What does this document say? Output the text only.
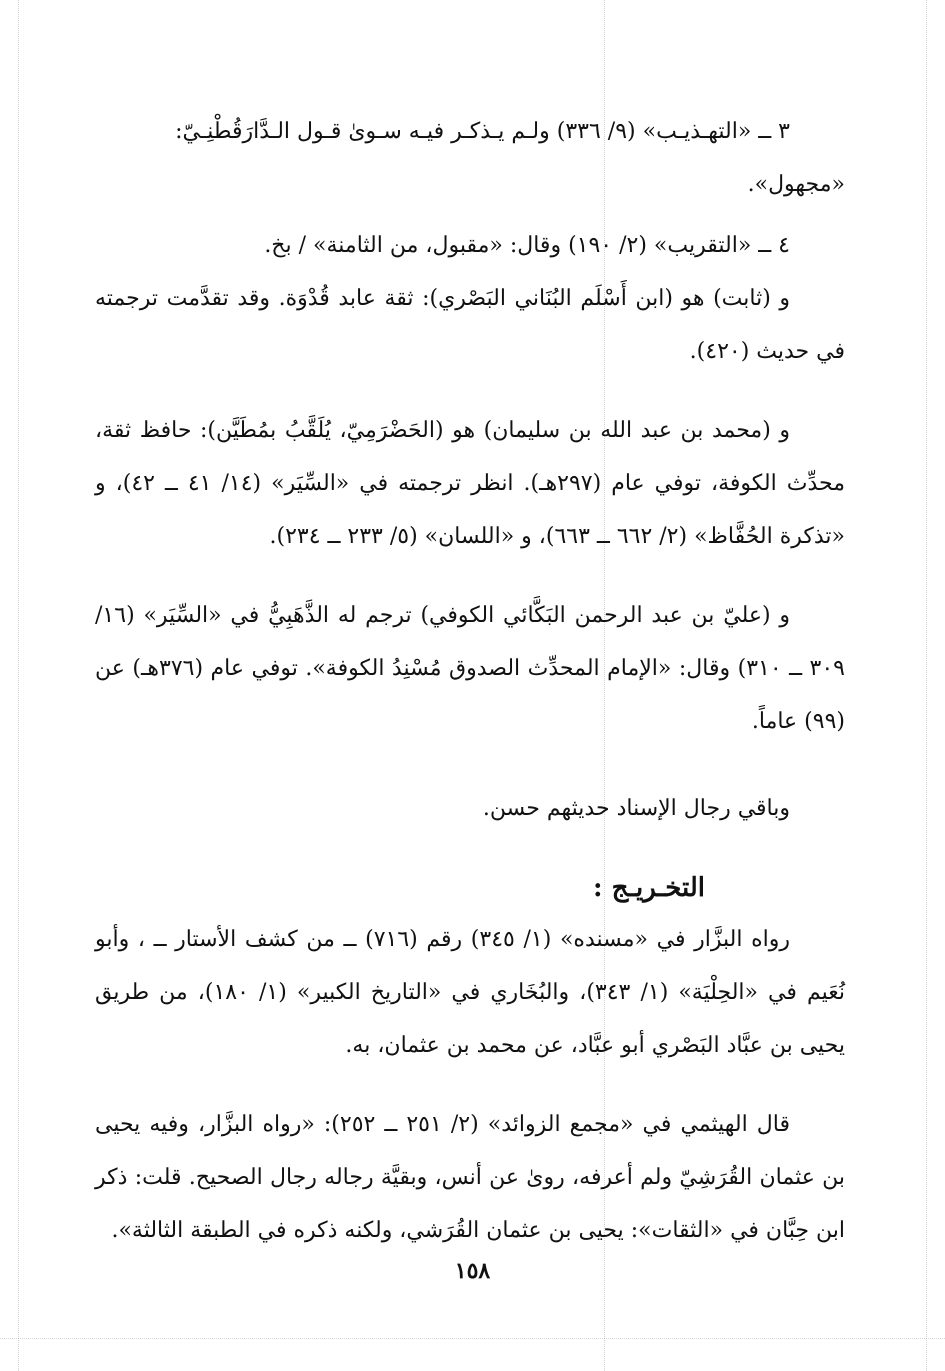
٣ ــ «التهـذيـب» (٩/ ٣٣٦) ولـم يـذكـر فيـه سـوىٰ قـول الـدَّارَقُطْنِـيّ:
«مجهول».

٤ ــ «التقريب» (٢/ ١٩٠) وقال: «مقبول، من الثامنة» / بخ.

و (ثابت) هو (ابن أَسْلَم البُنَاني البَصْري): ثقة عابد قُدْوَة. وقد تقدَّمت ترجمته في حديث (٤٢٠).

و (محمد بن عبد الله بن سليمان) هو (الحَضْرَمِيّ، يُلَقَّبُ بمُطَيَّن): حافظ ثقة، محدِّث الكوفة، توفي عام (٢٩٧هـ). انظر ترجمته في «السِّيَر» (١٤/ ٤١ ــ ٤٢)، و «تذكرة الحُفَّاظ» (٢/ ٦٦٢ ــ ٦٦٣)، و «اللسان» (٥/ ٢٣٣ ــ ٢٣٤).

و (عليّ بن عبد الرحمن البَكَّائي الكوفي) ترجم له الذَّهَبِيُّ في «السِّيَر» (١٦/ ٣٠٩ ــ ٣١٠) وقال: «الإمام المحدِّث الصدوق مُسْنِدُ الكوفة». توفي عام (٣٧٦هـ) عن (٩٩) عاماً.

وباقي رجال الإسناد حديثهم حسن.

التخـريـج :

رواه البزَّار في «مسنده» (١/ ٣٤٥) رقم (٧١٦) ــ من كشف الأستار ــ ، وأبو نُعَيم في «الحِلْيَة» (١/ ٣٤٣)، والبُخَاري في «التاريخ الكبير» (١/ ١٨٠)، من طريق يحيى بن عبَّاد البَصْري أبو عبَّاد، عن محمد بن عثمان، به.

قال الهيثمي في «مجمع الزوائد» (٢/ ٢٥١ ــ ٢٥٢): «رواه البزَّار، وفيه يحيى بن عثمان القُرَشِيّ ولم أعرفه، روىٰ عن أنس، وبقيَّة رجاله رجال الصحيح. قلت: ذكر ابن حِبَّان في «الثقات»: يحيى بن عثمان القُرَشي، ولكنه ذكره في الطبقة الثالثة».

١٥٨
